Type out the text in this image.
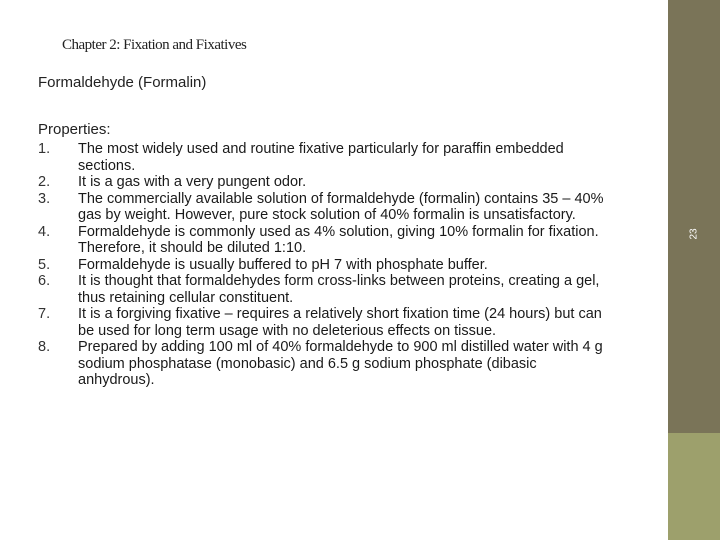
23
Chapter 2: Fixation and Fixatives
Formaldehyde (Formalin)
Properties:
1.	The most widely used and routine fixative particularly for paraffin embedded sections.
2.	It is a gas with a very pungent odor.
3.	The commercially available solution of formaldehyde (formalin) contains 35 – 40% gas by weight. However, pure stock solution of 40% formalin is unsatisfactory.
4.	Formaldehyde is commonly used as 4% solution, giving 10% formalin for fixation. Therefore, it should be diluted 1:10.
5.	Formaldehyde is usually buffered to pH 7 with phosphate buffer.
6.	It is thought that formaldehydes form cross-links between proteins, creating a gel, thus retaining cellular constituent.
7.	It is a forgiving fixative – requires a relatively short fixation time (24 hours) but can be used for long term usage with no deleterious effects on tissue.
8.	Prepared by adding 100 ml of 40% formaldehyde to 900 ml distilled water with 4 g sodium phosphatase (monobasic) and 6.5 g sodium phosphate (dibasic anhydrous).
